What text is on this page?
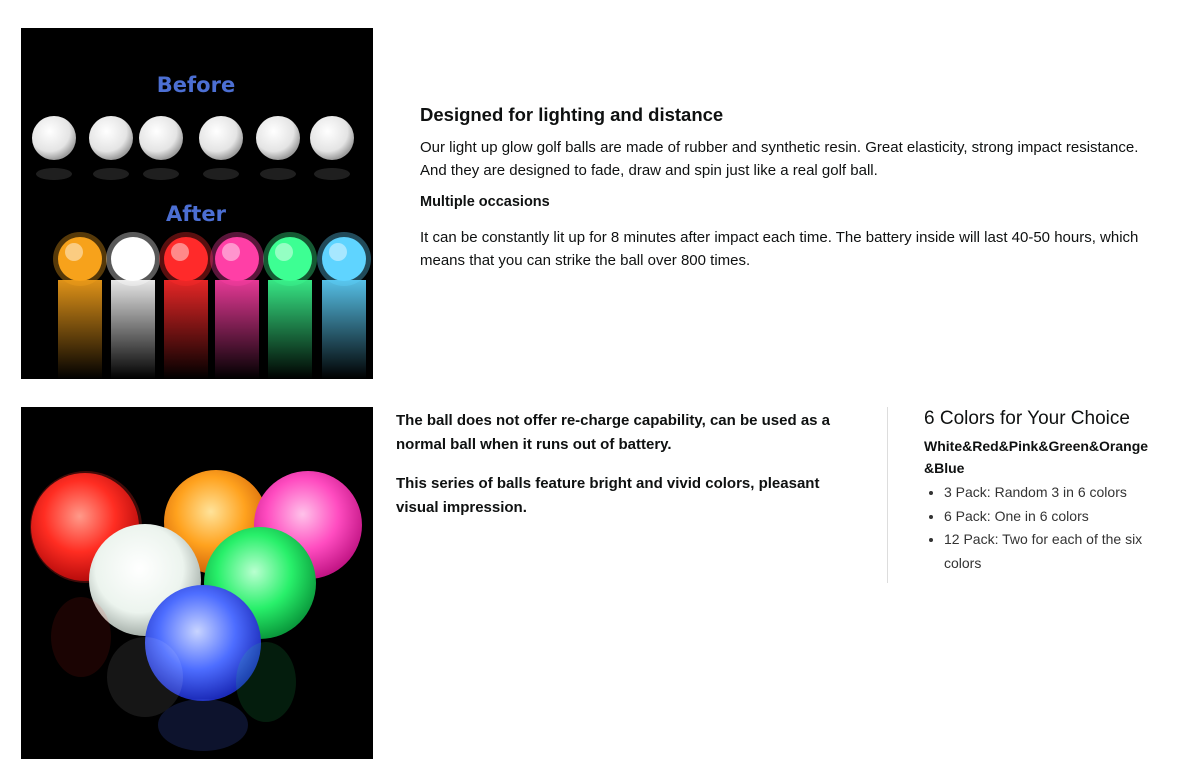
Before
After
Designed for lighting and distance

Our light up glow golf balls are made of rubber and synthetic resin. Great elasticity, strong impact resistance. And they are designed to fade, draw and spin just like a real golf ball.

Multiple occasions

It can be constantly lit up for 8 minutes after impact each time. The battery inside will last 40-50 hours, which means that you can strike the ball over 800 times.

The ball does not offer re-charge capability, can be used as a normal ball when it runs out of battery.

This series of balls feature bright and vivid colors, pleasant visual impression.

6 Colors for Your Choice

White&Red&Pink&Green&Orange&Blue

• 3 Pack: Random 3 in 6 colors
• 6 Pack: One in 6 colors
• 12 Pack: Two for each of the six colors
